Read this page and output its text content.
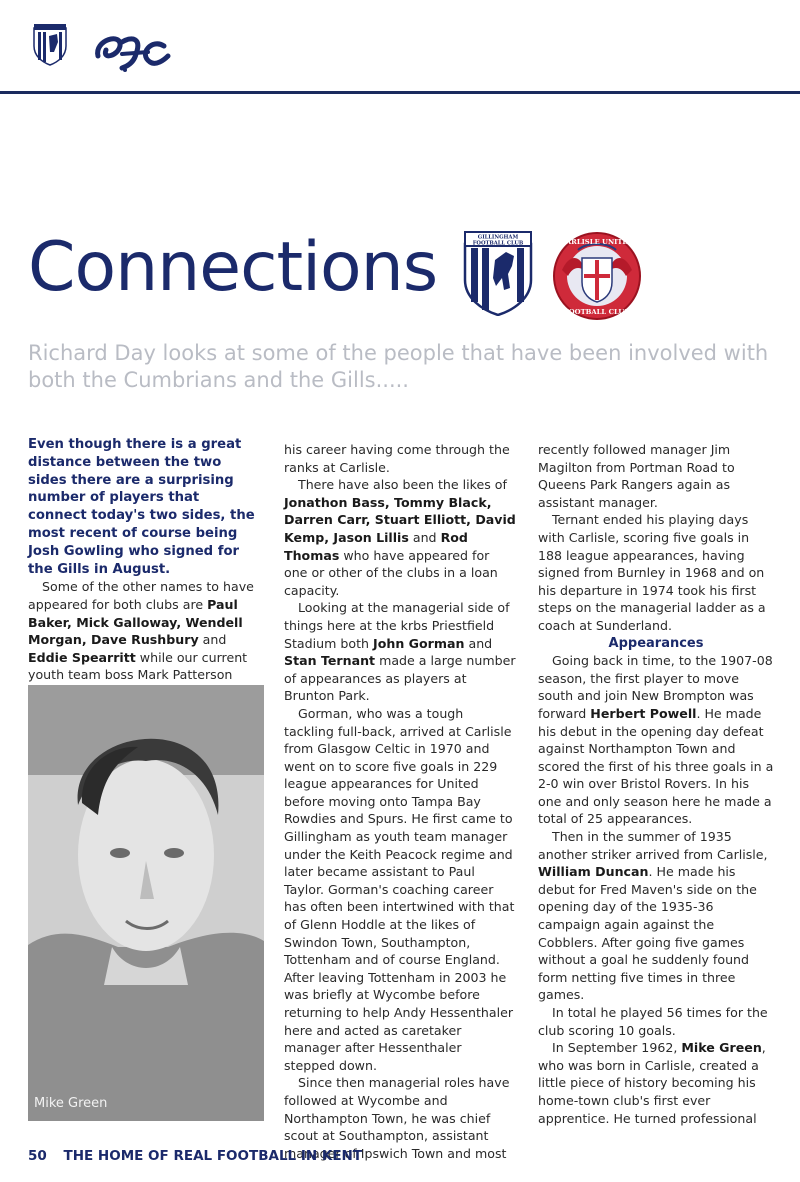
Connections	GILLINGHAM
FOOTBALL CLUB	CARLISLE UNITED
FOOTBALL CLUB

Richard Day looks at some of the people that have been involved with both the Cumbrians and the Gills.....

Even though there is a great distance between the two sides there are a surprising number of players that connect today's two sides, the most recent of course being Josh Gowling who signed for the Gills in August.

Some of the other names to have appeared for both clubs are Paul Baker, Mick Galloway, Wendell Morgan, Dave Rushbury and Eddie Spearritt while our current youth team boss Mark Patterson

Mike Green

his career having come through the ranks at Carlisle.

There have also been the likes of Jonathon Bass, Tommy Black, Darren Carr, Stuart Elliott, David Kemp, Jason Lillis and Rod Thomas who have appeared for one or other of the clubs in a loan capacity.

Looking at the managerial side of things here at the krbs Priestfield Stadium both John Gorman and Stan Ternant made a large number of appearances as players at Brunton Park.

Gorman, who was a tough tackling full-back, arrived at Carlisle from Glasgow Celtic in 1970 and went on to score five goals in 229 league appearances for United before moving onto Tampa Bay Rowdies and Spurs. He first came to Gillingham as youth team manager under the Keith Peacock regime and later became assistant to Paul Taylor. Gorman's coaching career has often been intertwined with that of Glenn Hoddle at the likes of Swindon Town, Southampton, Tottenham and of course England. After leaving Tottenham in 2003 he was briefly at Wycombe before returning to help Andy Hessenthaler here and acted as caretaker manager after Hessenthaler stepped down.

Since then managerial roles have followed at Wycombe and Northampton Town, he was chief scout at Southampton, assistant manager of Ipswich Town and most

recently followed manager Jim Magilton from Portman Road to Queens Park Rangers again as assistant manager.

Ternant ended his playing days with Carlisle, scoring five goals in 188 league appearances, having signed from Burnley in 1968 and on his departure in 1974 took his first steps on the managerial ladder as a coach at Sunderland.

Appearances

Going back in time, to the 1907-08 season, the first player to move south and join New Brompton was forward Herbert Powell. He made his debut in the opening day defeat against Northampton Town and scored the first of his three goals in a 2-0 win over Bristol Rovers. In his one and only season here he made a total of 25 appearances.

Then in the summer of 1935 another striker arrived from Carlisle, William Duncan. He made his debut for Fred Maven's side on the opening day of the 1935-36 campaign again against the Cobblers. After going five games without a goal he suddenly found form netting five times in three games.

In total he played 56 times for the club scoring 10 goals.

In September 1962, Mike Green, who was born in Carlisle, created a little piece of history becoming his home-town club's first ever apprentice. He turned professional

50 THE HOME OF REAL FOOTBALL IN KENT
